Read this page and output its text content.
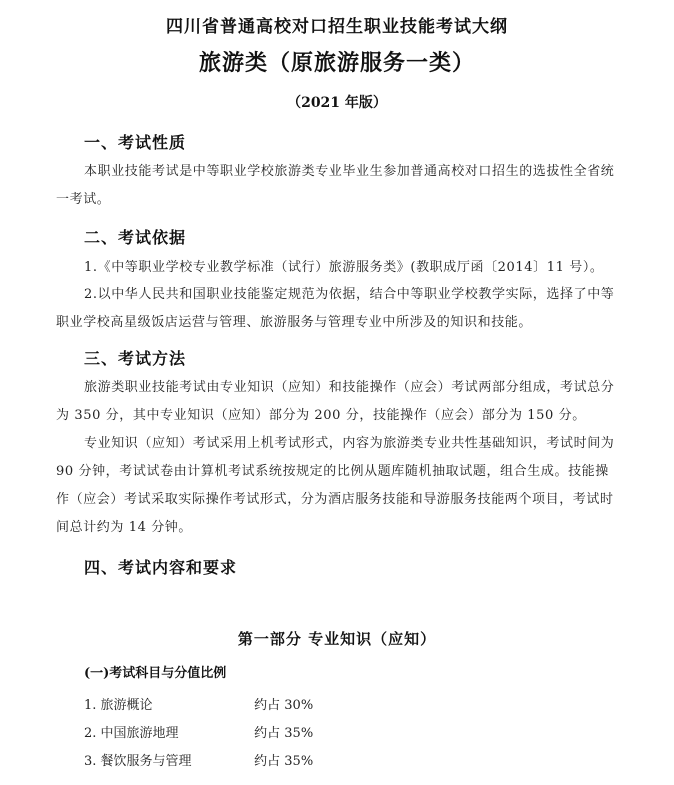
四川省普通高校对口招生职业技能考试大纲
旅游类（原旅游服务一类）
（2021 年版）
一、考试性质
本职业技能考试是中等职业学校旅游类专业毕业生参加普通高校对口招生的选拔性全省统一考试。
二、考试依据
1.《中等职业学校专业教学标准（试行）旅游服务类》(教职成厅函〔2014〕11 号）。
2.以中华人民共和国职业技能鉴定规范为依据，结合中等职业学校教学实际，选择了中等职业学校高星级饭店运营与管理、旅游服务与管理专业中所涉及的知识和技能。
三、考试方法
旅游类职业技能考试由专业知识（应知）和技能操作（应会）考试两部分组成，考试总分为 350 分，其中专业知识（应知）部分为 200 分，技能操作（应会）部分为 150 分。
专业知识（应知）考试采用上机考试形式，内容为旅游类专业共性基础知识，考试时间为 90 分钟，考试试卷由计算机考试系统按规定的比例从题库随机抽取试题，组合生成。技能操作（应会）考试采取实际操作考试形式，分为酒店服务技能和导游服务技能两个项目，考试时间总计约为 14 分钟。
四、考试内容和要求
第一部分 专业知识（应知）
(一)考试科目与分值比例
1. 旅游概论	约占 30%
2. 中国旅游地理	约占 35%
3. 餐饮服务与管理	约占 35%
